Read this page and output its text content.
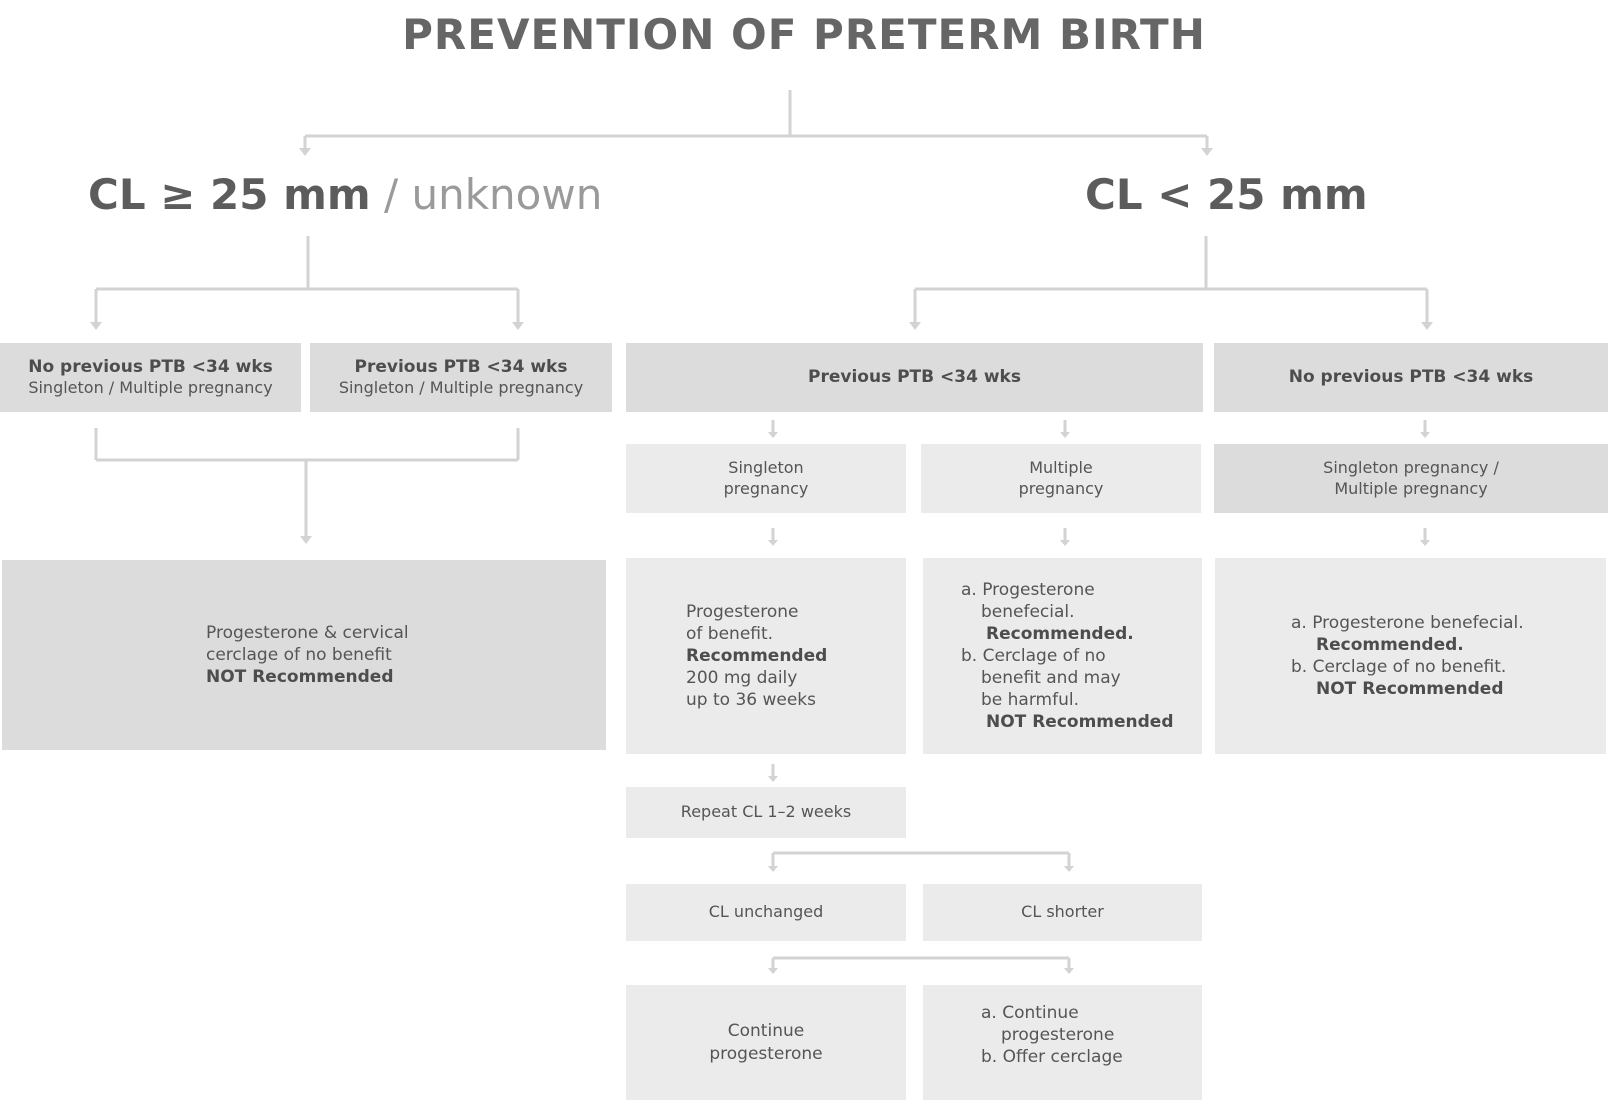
PREVENTION OF PRETERM BIRTH
CL ≥ 25 mm / unknown	CL < 25 mm
No previous PTB <34 wks
Singleton / Multiple pregnancy
Previous PTB <34 wks
Singleton / Multiple pregnancy
Progesterone & cervical
cerclage of no benefit
NOT Recommended
Previous PTB <34 wks	No previous PTB <34 wks
Singleton
pregnancy
Multiple
pregnancy
Singleton pregnancy /
Multiple pregnancy
Progesterone
of benefit.
Recommended
200 mg daily
up to 36 weeks
a. Progesterone
benefecial.
Recommended.
b. Cerclage of no
benefit and may
be harmful.
NOT Recommended
a. Progesterone benefecial.
Recommended.
b. Cerclage of no benefit.
NOT Recommended
Repeat CL 1–2 weeks
CL unchanged	CL shorter
Continue
progesterone
a. Continue
progesterone
b. Offer cerclage
